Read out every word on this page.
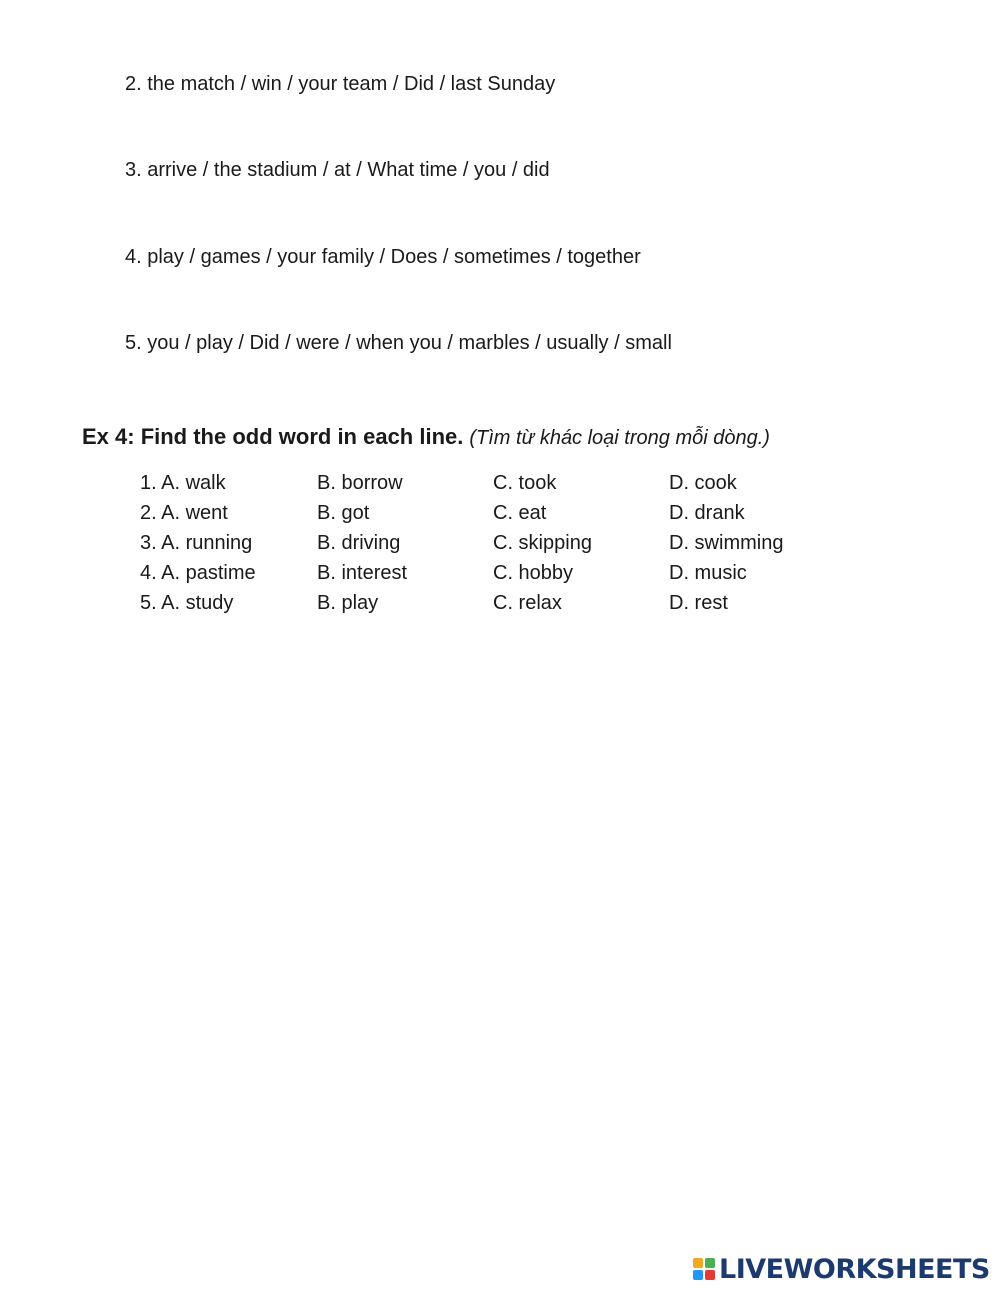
2. the match / win / your team / Did / last Sunday
3. arrive / the stadium / at / What time / you / did
4. play / games / your family / Does / sometimes / together
5. you / play / Did / were / when you / marbles / usually / small
Ex 4: Find the odd word in each line. (Tìm từ khác loại trong mỗi dòng.)
1. A. walk	B. borrow	C. took	D. cook
2. A. went	B. got	C. eat	D. drank
3. A. running	B. driving	C. skipping	D. swimming
4. A. pastime	B. interest	C. hobby	D. music
5. A. study	B. play	C. relax	D. rest
LIVEWORKSHEETS
